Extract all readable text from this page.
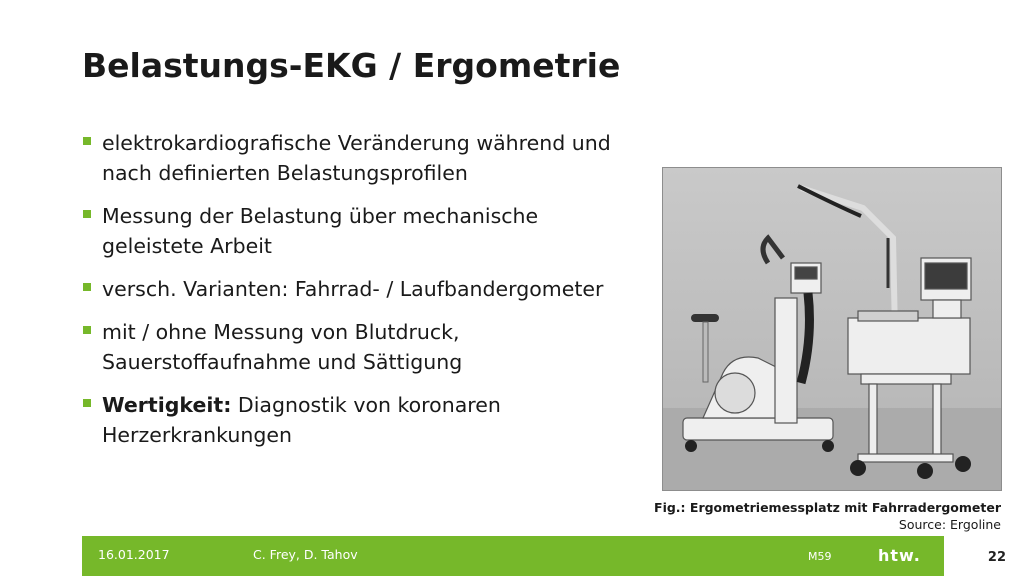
Belastungs-EKG / Ergometrie
elektrokardiografische Veränderung während und nach definierten Belastungsprofilen
Messung der Belastung über mechanische geleistete Arbeit
versch. Varianten: Fahrrad- / Laufbandergometer
mit / ohne Messung von Blutdruck, Sauerstoffaufnahme und Sättigung
Wertigkeit: Diagnostik von koronaren Herzerkrankungen
Fig.: Ergometriemessplatz mit Fahrradergometer
Source: Ergoline
16.01.2017	C. Frey, D. Tahov	M59	htw.	22
